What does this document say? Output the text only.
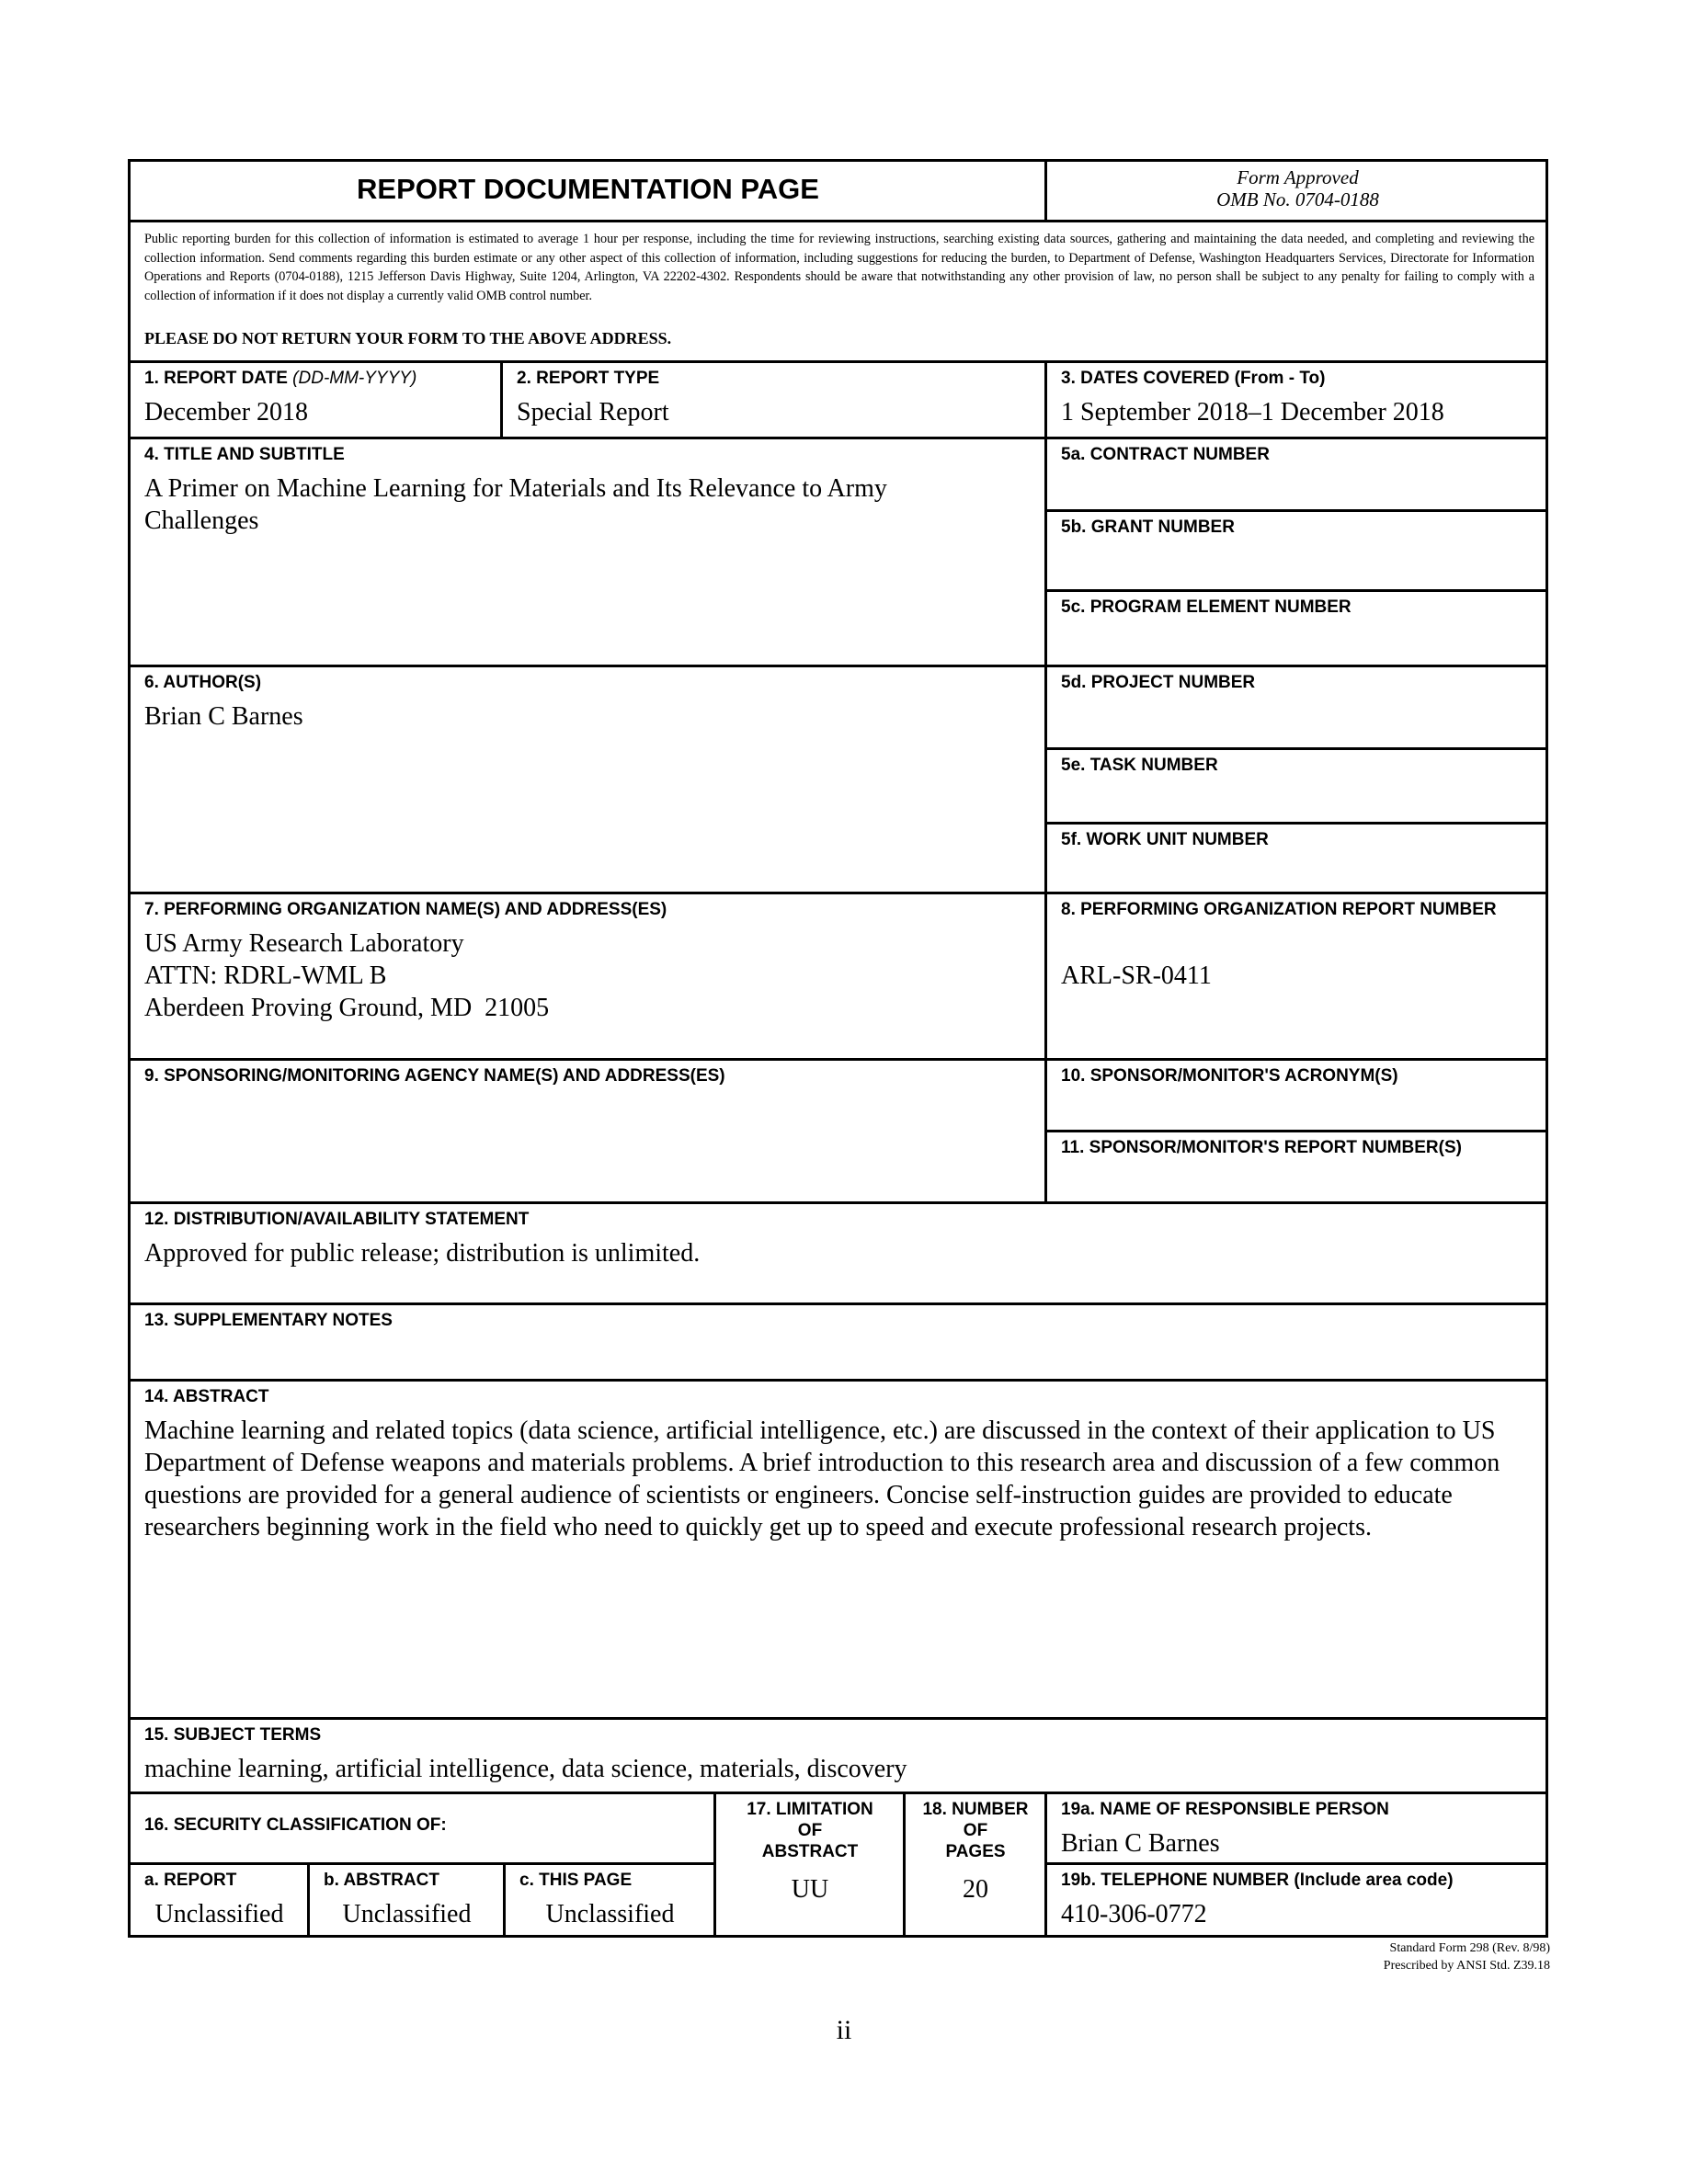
REPORT DOCUMENTATION PAGE	Form Approved
OMB No. 0704-0188
Public reporting burden for this collection of information is estimated to average 1 hour per response, including the time for reviewing instructions, searching existing data sources, gathering and maintaining the data needed, and completing and reviewing the collection information. Send comments regarding this burden estimate or any other aspect of this collection of information, including suggestions for reducing the burden, to Department of Defense, Washington Headquarters Services, Directorate for Information Operations and Reports (0704-0188), 1215 Jefferson Davis Highway, Suite 1204, Arlington, VA 22202-4302. Respondents should be aware that notwithstanding any other provision of law, no person shall be subject to any penalty for failing to comply with a collection of information if it does not display a currently valid OMB control number.
PLEASE DO NOT RETURN YOUR FORM TO THE ABOVE ADDRESS.
1. REPORT DATE (DD-MM-YYYY)
December 2018
2. REPORT TYPE
Special Report
3. DATES COVERED (From - To)
1 September 2018–1 December 2018
4. TITLE AND SUBTITLE
A Primer on Machine Learning for Materials and Its Relevance to Army
Challenges
5a. CONTRACT NUMBER
5b. GRANT NUMBER
5c. PROGRAM ELEMENT NUMBER
6. AUTHOR(S)
Brian C Barnes
5d. PROJECT NUMBER
5e. TASK NUMBER
5f. WORK UNIT NUMBER
7. PERFORMING ORGANIZATION NAME(S) AND ADDRESS(ES)
US Army Research Laboratory
ATTN: RDRL-WML B
Aberdeen Proving Ground, MD  21005
8. PERFORMING ORGANIZATION REPORT NUMBER
ARL-SR-0411
9. SPONSORING/MONITORING AGENCY NAME(S) AND ADDRESS(ES)	10. SPONSOR/MONITOR'S ACRONYM(S)
11. SPONSOR/MONITOR'S REPORT NUMBER(S)
12. DISTRIBUTION/AVAILABILITY STATEMENT
Approved for public release; distribution is unlimited.
13. SUPPLEMENTARY NOTES
14. ABSTRACT
Machine learning and related topics (data science, artificial intelligence, etc.) are discussed in the context of their application to US Department of Defense weapons and materials problems. A brief introduction to this research area and discussion of a few common questions are provided for a general audience of scientists or engineers. Concise self-instruction guides are provided to educate researchers beginning work in the field who need to quickly get up to speed and execute professional research projects.
15. SUBJECT TERMS
machine learning, artificial intelligence, data science, materials, discovery
16. SECURITY CLASSIFICATION OF:
a. REPORT
Unclassified
b. ABSTRACT
Unclassified
c. THIS PAGE
Unclassified
17. LIMITATION
OF
ABSTRACT
UU
18. NUMBER
OF
PAGES
20
19a. NAME OF RESPONSIBLE PERSON
Brian C Barnes
19b. TELEPHONE NUMBER (Include area code)
410-306-0772
Standard Form 298 (Rev. 8/98)
Prescribed by ANSI Std. Z39.18
ii
